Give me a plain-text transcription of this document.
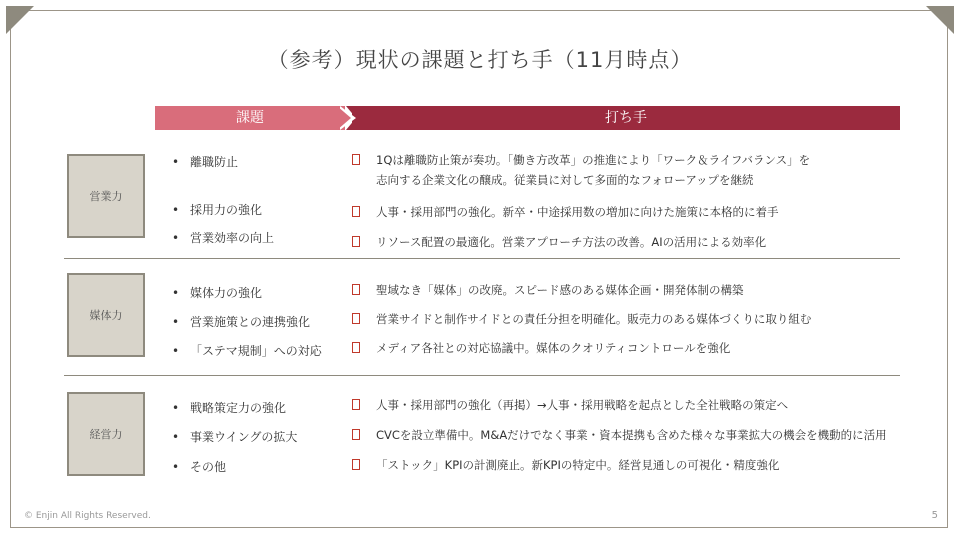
（参考）現状の課題と打ち手（11月時点）
課題	打ち手
営業力
• 離職防止
• 採用力の強化
• 営業効率の向上
1Qは離職防止策が奏功。「働き方改革」の推進により「ワーク＆ライフバランス」を
志向する企業文化の醸成。従業員に対して多面的なフォローアップを継続
人事・採用部門の強化。新卒・中途採用数の増加に向けた施策に本格的に着手
リソース配置の最適化。営業アプローチ方法の改善。AIの活用による効率化
媒体力
• 媒体力の強化
• 営業施策との連携強化
• 「ステマ規制」への対応
聖域なき「媒体」の改廃。スピード感のある媒体企画・開発体制の構築
営業サイドと制作サイドとの責任分担を明確化。販売力のある媒体づくりに取り組む
メディア各社との対応協議中。媒体のクオリティコントロールを強化
経営力
• 戦略策定力の強化
• 事業ウイングの拡大
• その他
人事・採用部門の強化（再掲）→人事・採用戦略を起点とした全社戦略の策定へ
CVCを設立準備中。M&Aだけでなく事業・資本提携も含めた様々な事業拡大の機会を機動的に活用
「ストック」KPIの計測廃止。新KPIの特定中。経営見通しの可視化・精度強化
© Enjin All Rights Reserved.	5
